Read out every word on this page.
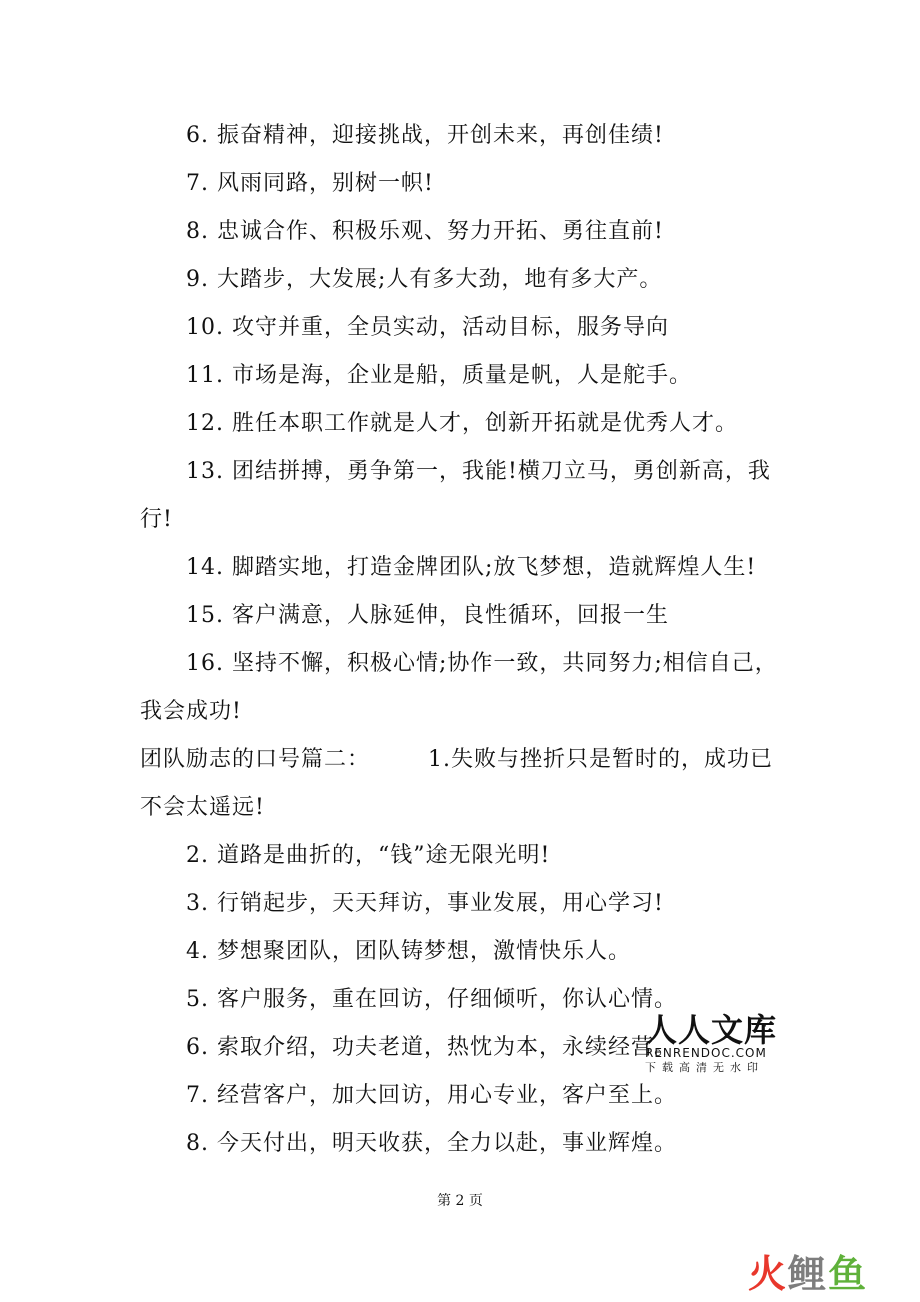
6. 振奋精神，迎接挑战，开创未来，再创佳绩!
7. 风雨同路，别树一帜!
8. 忠诚合作、积极乐观、努力开拓、勇往直前!
9. 大踏步，大发展;人有多大劲，地有多大产。
10. 攻守并重，全员实动，活动目标，服务导向
11. 市场是海，企业是船，质量是帆，人是舵手。
12. 胜任本职工作就是人才，创新开拓就是优秀人才。
13. 团结拼搏，勇争第一，我能!横刀立马，勇创新高，我
行!
14. 脚踏实地，打造金牌团队;放飞梦想，造就辉煌人生!
15. 客户满意，人脉延伸，良性循环，回报一生
16. 坚持不懈，积极心情;协作一致，共同努力;相信自己，
我会成功!
团队励志的口号篇二：	1.失败与挫折只是暂时的，成功已
不会太遥远!
2. 道路是曲折的，“钱”途无限光明!
3. 行销起步，天天拜访，事业发展，用心学习!
4. 梦想聚团队，团队铸梦想，激情快乐人。
5. 客户服务，重在回访，仔细倾听，你认心情。
6. 索取介绍，功夫老道，热忱为本，永续经营。
7. 经营客户，加大回访，用心专业，客户至上。
8. 今天付出，明天收获，全力以赴，事业辉煌。
人人文库
RENRENDOC.COM
下载高清无水印
第 2 页
火鲤鱼
